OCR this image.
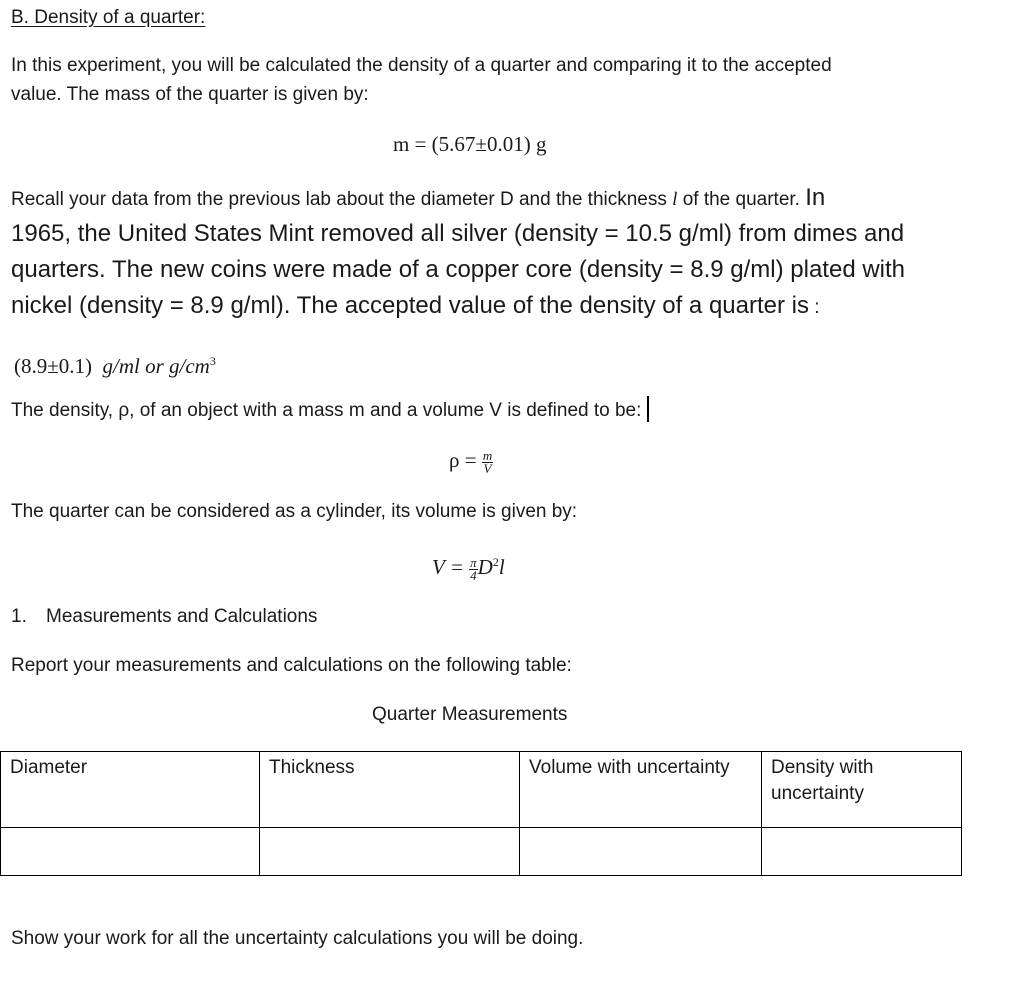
B. Density of a quarter:
In this experiment, you will be calculated the density of a quarter and comparing it to the accepted
value. The mass of the quarter is given by:
m = (5.67±0.01) g
Recall your data from the previous lab about the diameter D and the thickness l of the quarter. In
1965, the United States Mint removed all silver (density = 10.5 g/ml) from dimes and
quarters. The new coins were made of a copper core (density = 8.9 g/ml) plated with
nickel (density = 8.9 g/ml). The accepted value of the density of a quarter is :
(8.9±0.1) g/ml or $g/cm^3$
The density, ρ, of an object with a mass m and a volume V is defined to be:
$\rho = \frac{m}{V}$
The quarter can be considered as a cylinder, its volume is given by:
$V = \frac{\pi}{4} D^2l$
1. Measurements and Calculations
Report your measurements and calculations on the following table:
Quarter Measurements
Diameter	Thickness	Volume with uncertainty	Density with uncertainty

Show your work for all the uncertainty calculations you will be doing.
